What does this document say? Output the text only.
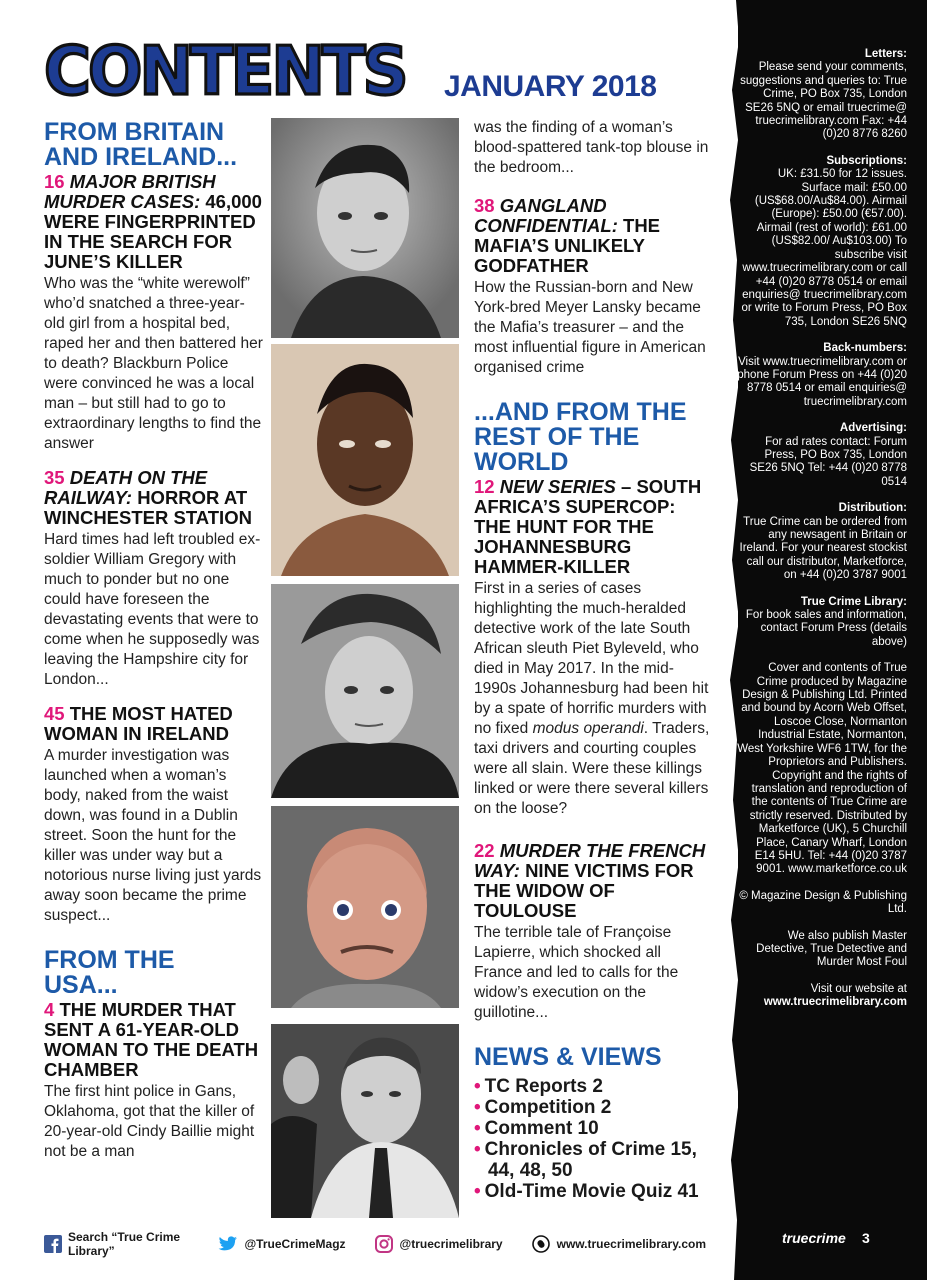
CONTENTS	JANUARY 2018
FROM BRITAIN AND IRELAND...
16 MAJOR BRITISH MURDER CASES: 46,000 WERE FINGERPRINTED IN THE SEARCH FOR JUNE’S KILLER
Who was the “white werewolf” who’d snatched a three-year-old girl from a hospital bed, raped her and then battered her to death? Blackburn Police were convinced he was a local man – but still had to go to extraordinary lengths to find the answer
35 DEATH ON THE RAILWAY: HORROR AT WINCHESTER STATION
Hard times had left troubled ex-soldier William Gregory with much to ponder but no one could have foreseen the devastating events that were to come when he supposedly was leaving the Hampshire city for London...
45 THE MOST HATED WOMAN IN IRELAND
A murder investigation was launched when a woman’s body, naked from the waist down, was found in a Dublin street. Soon the hunt for the killer was under way but a notorious nurse living just yards away soon became the prime suspect...
FROM THE USA...
4 THE MURDER THAT SENT A 61-YEAR-OLD WOMAN TO THE DEATH CHAMBER
The first hint police in Gans, Oklahoma, got that the killer of 20-year-old Cindy Baillie might not be a man
was the finding of a woman’s blood-spattered tank-top blouse in the bedroom...
38 GANGLAND CONFIDENTIAL: THE MAFIA’S UNLIKELY GODFATHER
How the Russian-born and New York-bred Meyer Lansky became the Mafia’s treasurer – and the most influential figure in American organised crime
...AND FROM THE REST OF THE WORLD
12 NEW SERIES – SOUTH AFRICA’S SUPERCOP: THE HUNT FOR THE JOHANNESBURG HAMMER-KILLER
First in a series of cases highlighting the much-heralded detective work of the late South African sleuth Piet Byleveld, who died in May 2017. In the mid-1990s Johannesburg had been hit by a spate of horrific murders with no fixed modus operandi. Traders, taxi drivers and courting couples were all slain. Were these killings linked or were there several killers on the loose?
22 MURDER THE FRENCH WAY: NINE VICTIMS FOR THE WIDOW OF TOULOUSE
The terrible tale of Françoise Lapierre, which shocked all France and led to calls for the widow’s execution on the guillotine...
NEWS & VIEWS
• TC Reports 2
• Competition 2
• Comment 10
• Chronicles of Crime 15, 44, 48, 50
• Old-Time Movie Quiz 41
Letters:
Please send your comments, suggestions and queries to: True Crime, PO Box 735, London SE26 5NQ or email truecrime@ truecrimelibrary.com Fax: +44 (0)20 8776 8260
Subscriptions:
UK: £31.50 for 12 issues. Surface mail: £50.00 (US$68.00/Au$84.00). Airmail (Europe): £50.00 (€57.00). Airmail (rest of world): £61.00 (US$82.00/ Au$103.00) To subscribe visit www.truecrimelibrary.com or call +44 (0)20 8778 0514 or email enquiries@ truecrimelibrary.com or write to Forum Press, PO Box 735, London SE26 5NQ
Back-numbers:
Visit www.truecrimelibrary.com or phone Forum Press on +44 (0)20 8778 0514 or email enquiries@ truecrimelibrary.com
Advertising:
For ad rates contact: Forum Press, PO Box 735, London SE26 5NQ Tel: +44 (0)20 8778 0514
Distribution:
True Crime can be ordered from any newsagent in Britain or Ireland. For your nearest stockist call our distributor, Marketforce, on +44 (0)20 3787 9001
True Crime Library:
For book sales and information, contact Forum Press (details above)
Cover and contents of True Crime produced by Magazine Design & Publishing Ltd. Printed and bound by Acorn Web Offset, Loscoe Close, Normanton Industrial Estate, Normanton, West Yorkshire WF6 1TW, for the Proprietors and Publishers. Copyright and the rights of translation and reproduction of the contents of True Crime are strictly reserved. Distributed by Marketforce (UK), 5 Churchill Place, Canary Wharf, London E14 5HU. Tel: +44 (0)20 3787 9001. www.marketforce.co.uk
© Magazine Design & Publishing Ltd.
We also publish Master Detective, True Detective and Murder Most Foul
Visit our website at
www.truecrimelibrary.com
Search “True Crime Library”	@TrueCrimeMagz	@truecrimelibrary	www.truecrimelibrary.com	truecrime 3
